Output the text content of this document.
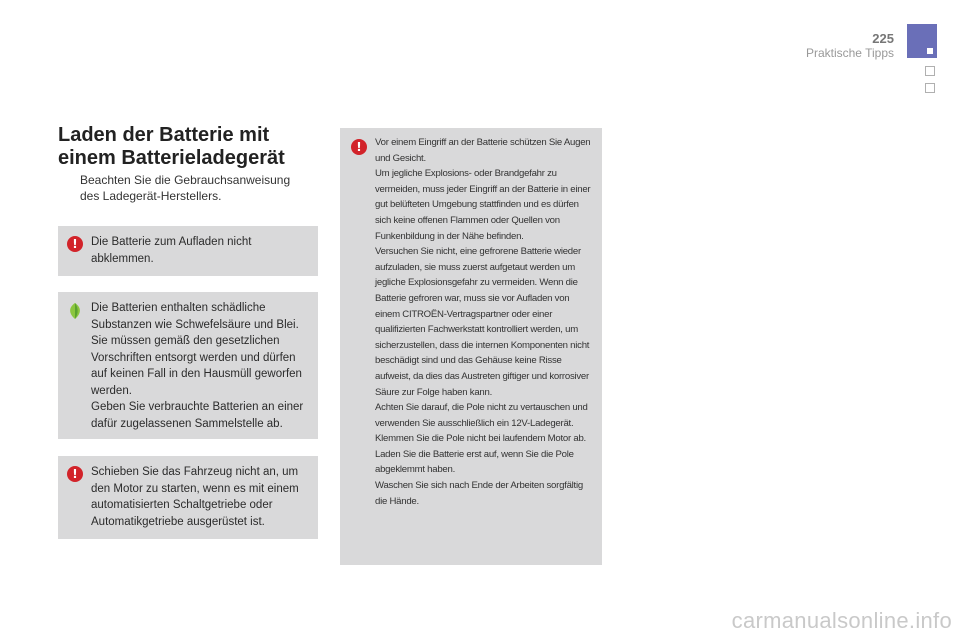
225
Praktische Tipps
Laden der Batterie mit
einem Batterieladegerät
Beachten Sie die Gebrauchsanweisung des Ladegerät-Herstellers.
!	Die Batterie zum Aufladen nicht abklemmen.
Die Batterien enthalten schädliche Substanzen wie Schwefelsäure und Blei. Sie müssen gemäß den gesetzlichen Vorschriften entsorgt werden und dürfen auf keinen Fall in den Hausmüll geworfen werden.
Geben Sie verbrauchte Batterien an einer dafür zugelassenen Sammelstelle ab.
!	Schieben Sie das Fahrzeug nicht an, um den Motor zu starten, wenn es mit einem automatisierten Schaltgetriebe oder Automatikgetriebe ausgerüstet ist.
!	Vor einem Eingriff an der Batterie schützen Sie Augen und Gesicht.
Um jegliche Explosions- oder Brandgefahr zu vermeiden, muss jeder Eingriff an der Batterie in einer gut belüfteten Umgebung stattfinden und es dürfen sich keine offenen Flammen oder Quellen von Funkenbildung in der Nähe befinden.
Versuchen Sie nicht, eine gefrorene Batterie wieder aufzuladen, sie muss zuerst aufgetaut werden um jegliche Explosionsgefahr zu vermeiden. Wenn die Batterie gefroren war, muss sie vor Aufladen von einem CITROËN-Vertragspartner oder einer qualifizierten Fachwerkstatt kontrolliert werden, um sicherzustellen, dass die internen Komponenten nicht beschädigt sind und das Gehäuse keine Risse aufweist, da dies das Austreten giftiger und korrosiver Säure zur Folge haben kann.
Achten Sie darauf, die Pole nicht zu vertauschen und verwenden Sie ausschließlich ein 12V-Ladegerät.
Klemmen Sie die Pole nicht bei laufendem Motor ab.
Laden Sie die Batterie erst auf, wenn Sie die Pole abgeklemmt haben.
Waschen Sie sich nach Ende der Arbeiten sorgfältig die Hände.
carmanualsonline.info
